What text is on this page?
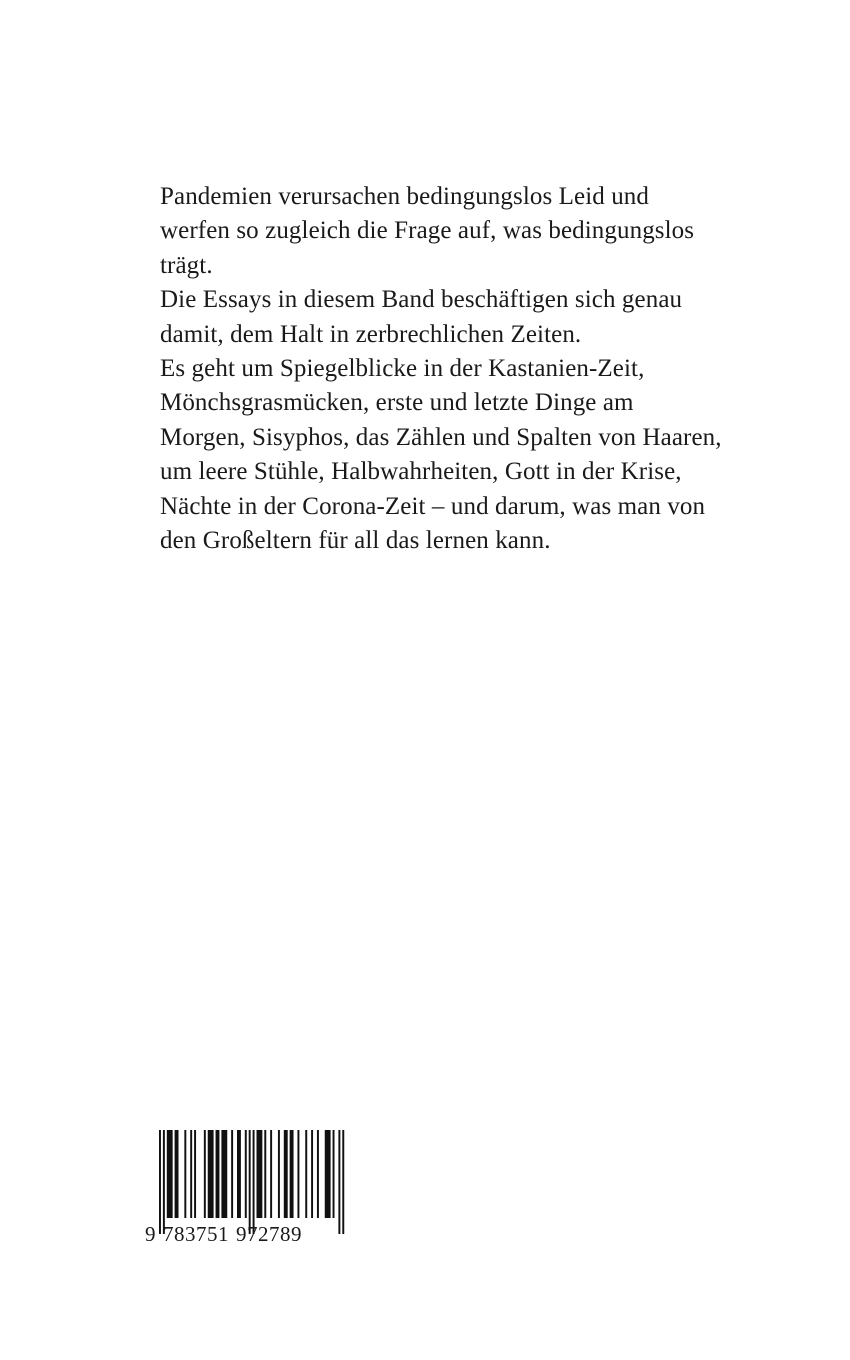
Pandemien verursachen bedingungslos Leid und
werfen so zugleich die Frage auf, was bedingungslos
trägt.
Die Essays in diesem Band beschäftigen sich genau
damit, dem Halt in zerbrechlichen Zeiten.
Es geht um Spiegelblicke in der Kastanien-Zeit,
Mönchsgrasmücken, erste und letzte Dinge am
Morgen, Sisyphos, das Zählen und Spalten von Haaren,
um leere Stühle, Halbwahrheiten, Gott in der Krise,
Nächte in der Corona-Zeit – und darum, was man von
den Großeltern für all das lernen kann.
9 783751 972789
